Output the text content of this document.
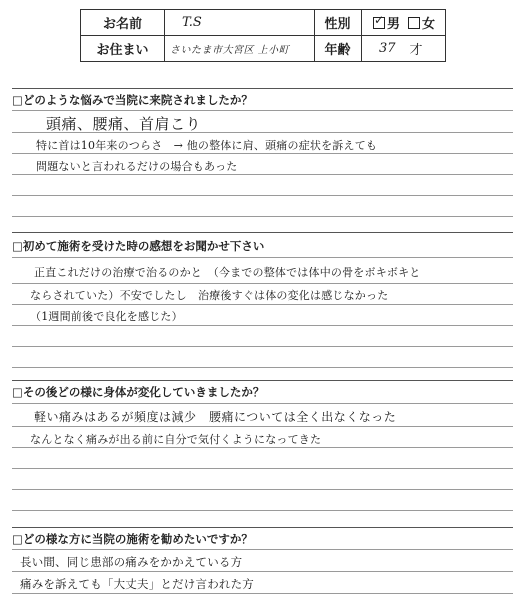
お名前	T.S	性別
✓	男	女
お住まい	さいたま市大宮区 上小町	年齢	37 才
□どのような悩みで当院に来院されましたか？
頭痛、腰痛、首肩こり
特に首は10年来のつらさ　→ 他の整体に肩、頭痛の症状を訴えても
問題ないと言われるだけの場合もあった
□初めて施術を受けた時の感想をお聞かせ下さい
正直これだけの治療で治るのかと　（今までの整体では体中の骨をボキボキと
ならされていた）不安でしたし　治療後すぐは体の変化は感じなかった
（1週間前後で良化を感じた）
□その後どの様に身体が変化していきましたか？
軽い痛みはあるが頻度は減少　腰痛については全く出なくなった
なんとなく痛みが出る前に自分で気付くようになってきた
□どの様な方に当院の施術を勧めたいですか？
長い間、同じ患部の痛みをかかえている方
痛みを訴えても「大丈夫」とだけ言われた方
